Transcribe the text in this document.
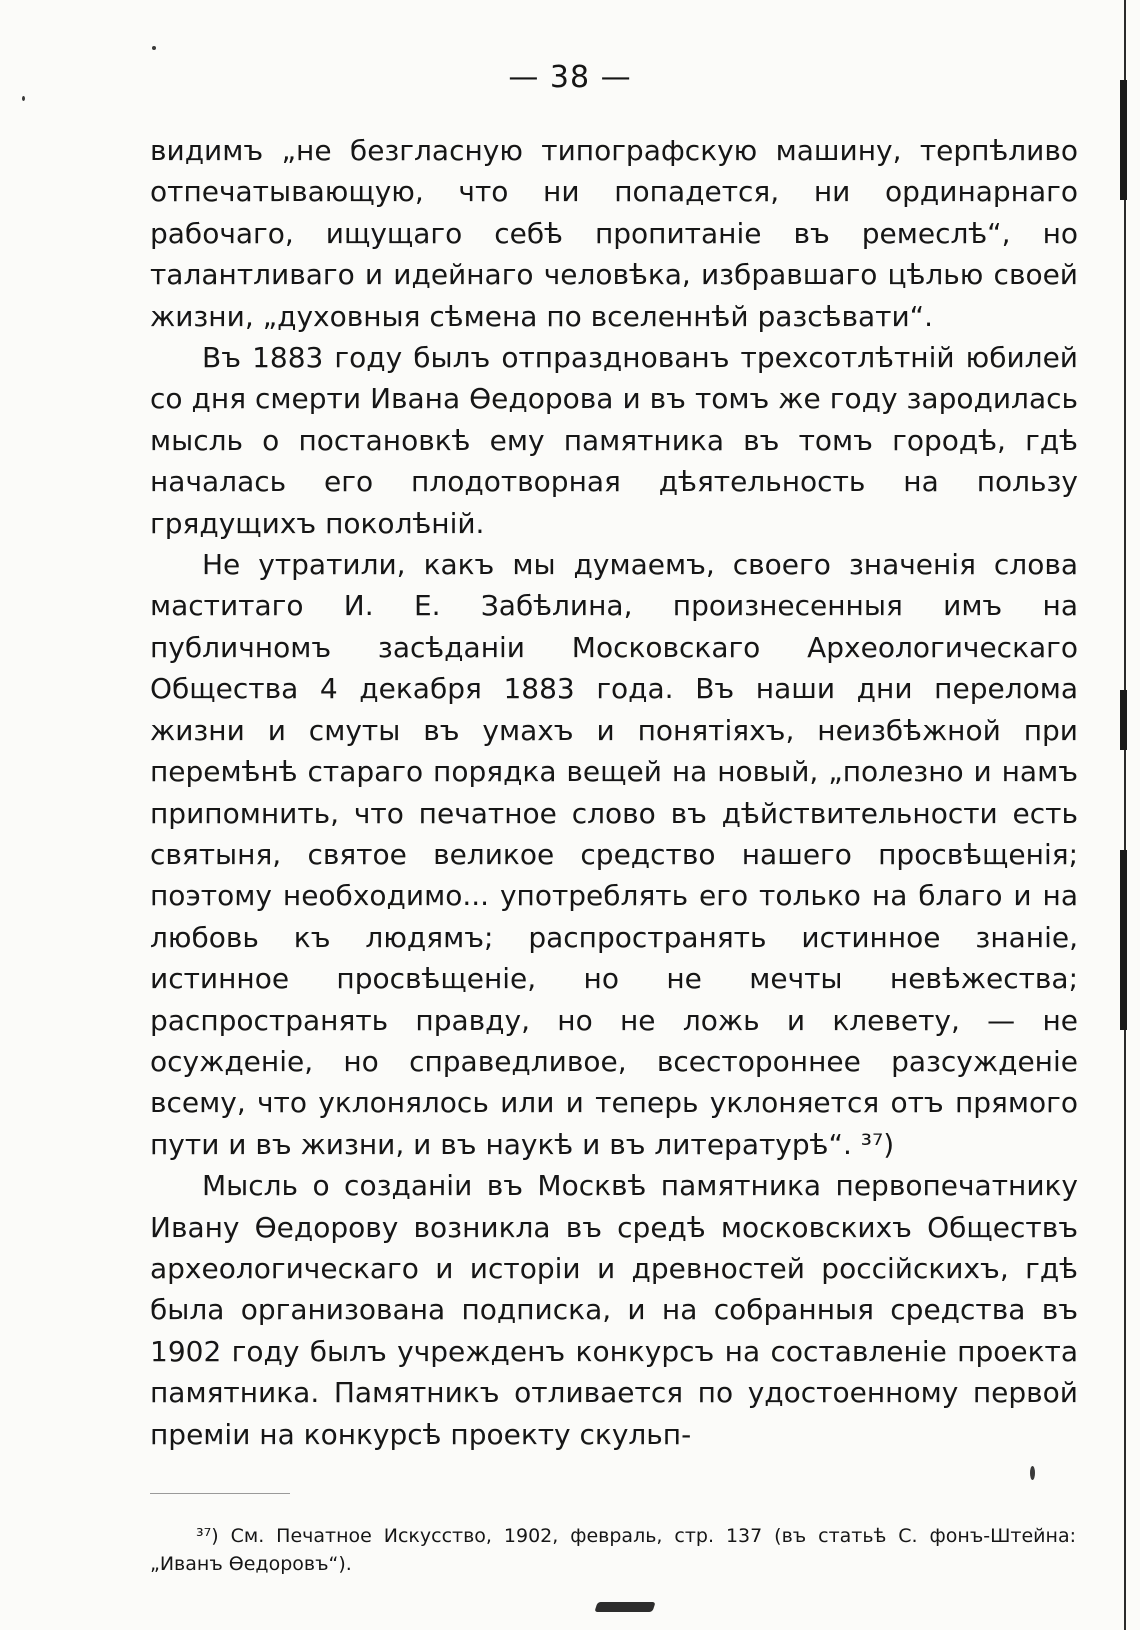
— 38 —

видимъ „не безгласную типографскую машину, терпѣливо отпечатывающую, что ни попадется, ни ординарнаго рабочаго, ищущаго себѣ пропитаніе въ ремеслѣ“, но талантливаго и идейнаго человѣка, избравшаго цѣлью своей жизни, „духовныя сѣмена по вселеннѣй разсѣвати“.

Въ 1883 году былъ отпразднованъ трехсотлѣтній юбилей со дня смерти Ивана Ѳедорова и въ томъ же году зародилась мысль о постановкѣ ему памятника въ томъ городѣ, гдѣ началась его плодотворная дѣятельность на пользу грядущихъ поколѣній.

Не утратили, какъ мы думаемъ, своего значенія слова маститаго И. Е. Забѣлина, произнесенныя имъ на публичномъ засѣданіи Московскаго Археологическаго Общества 4 декабря 1883 года. Въ наши дни перелома жизни и смуты въ умахъ и понятіяхъ, неизбѣжной при перемѣнѣ стараго порядка вещей на новый, „полезно и намъ припомнить, что печатное слово въ дѣйствительности есть святыня, святое великое средство нашего просвѣщенія; поэтому необходимо... употреблять его только на благо и на любовь къ людямъ; распространять истинное знаніе, истинное просвѣщеніе, но не мечты невѣжества; распространять правду, но не ложь и клевету, — не осужденіе, но справедливое, всестороннее разсужденіе всему, что уклонялось или и теперь уклоняется отъ прямого пути и въ жизни, и въ наукѣ и въ литературѣ“. ³⁷)

Мысль о созданіи въ Москвѣ памятника первопечатнику Ивану Ѳедорову возникла въ средѣ московскихъ Обществъ археологическаго и исторіи и древностей россійскихъ, гдѣ была организована подписка, и на собранныя средства въ 1902 году былъ учрежденъ конкурсъ на составленіе проекта памятника. Памятникъ отливается по удостоенному первой преміи на конкурсѣ проекту скульп-

³⁷) См. Печатное Искусство, 1902, февраль, стр. 137 (въ статьѣ С. фонъ-Штейна: „Иванъ Ѳедоровъ“).
